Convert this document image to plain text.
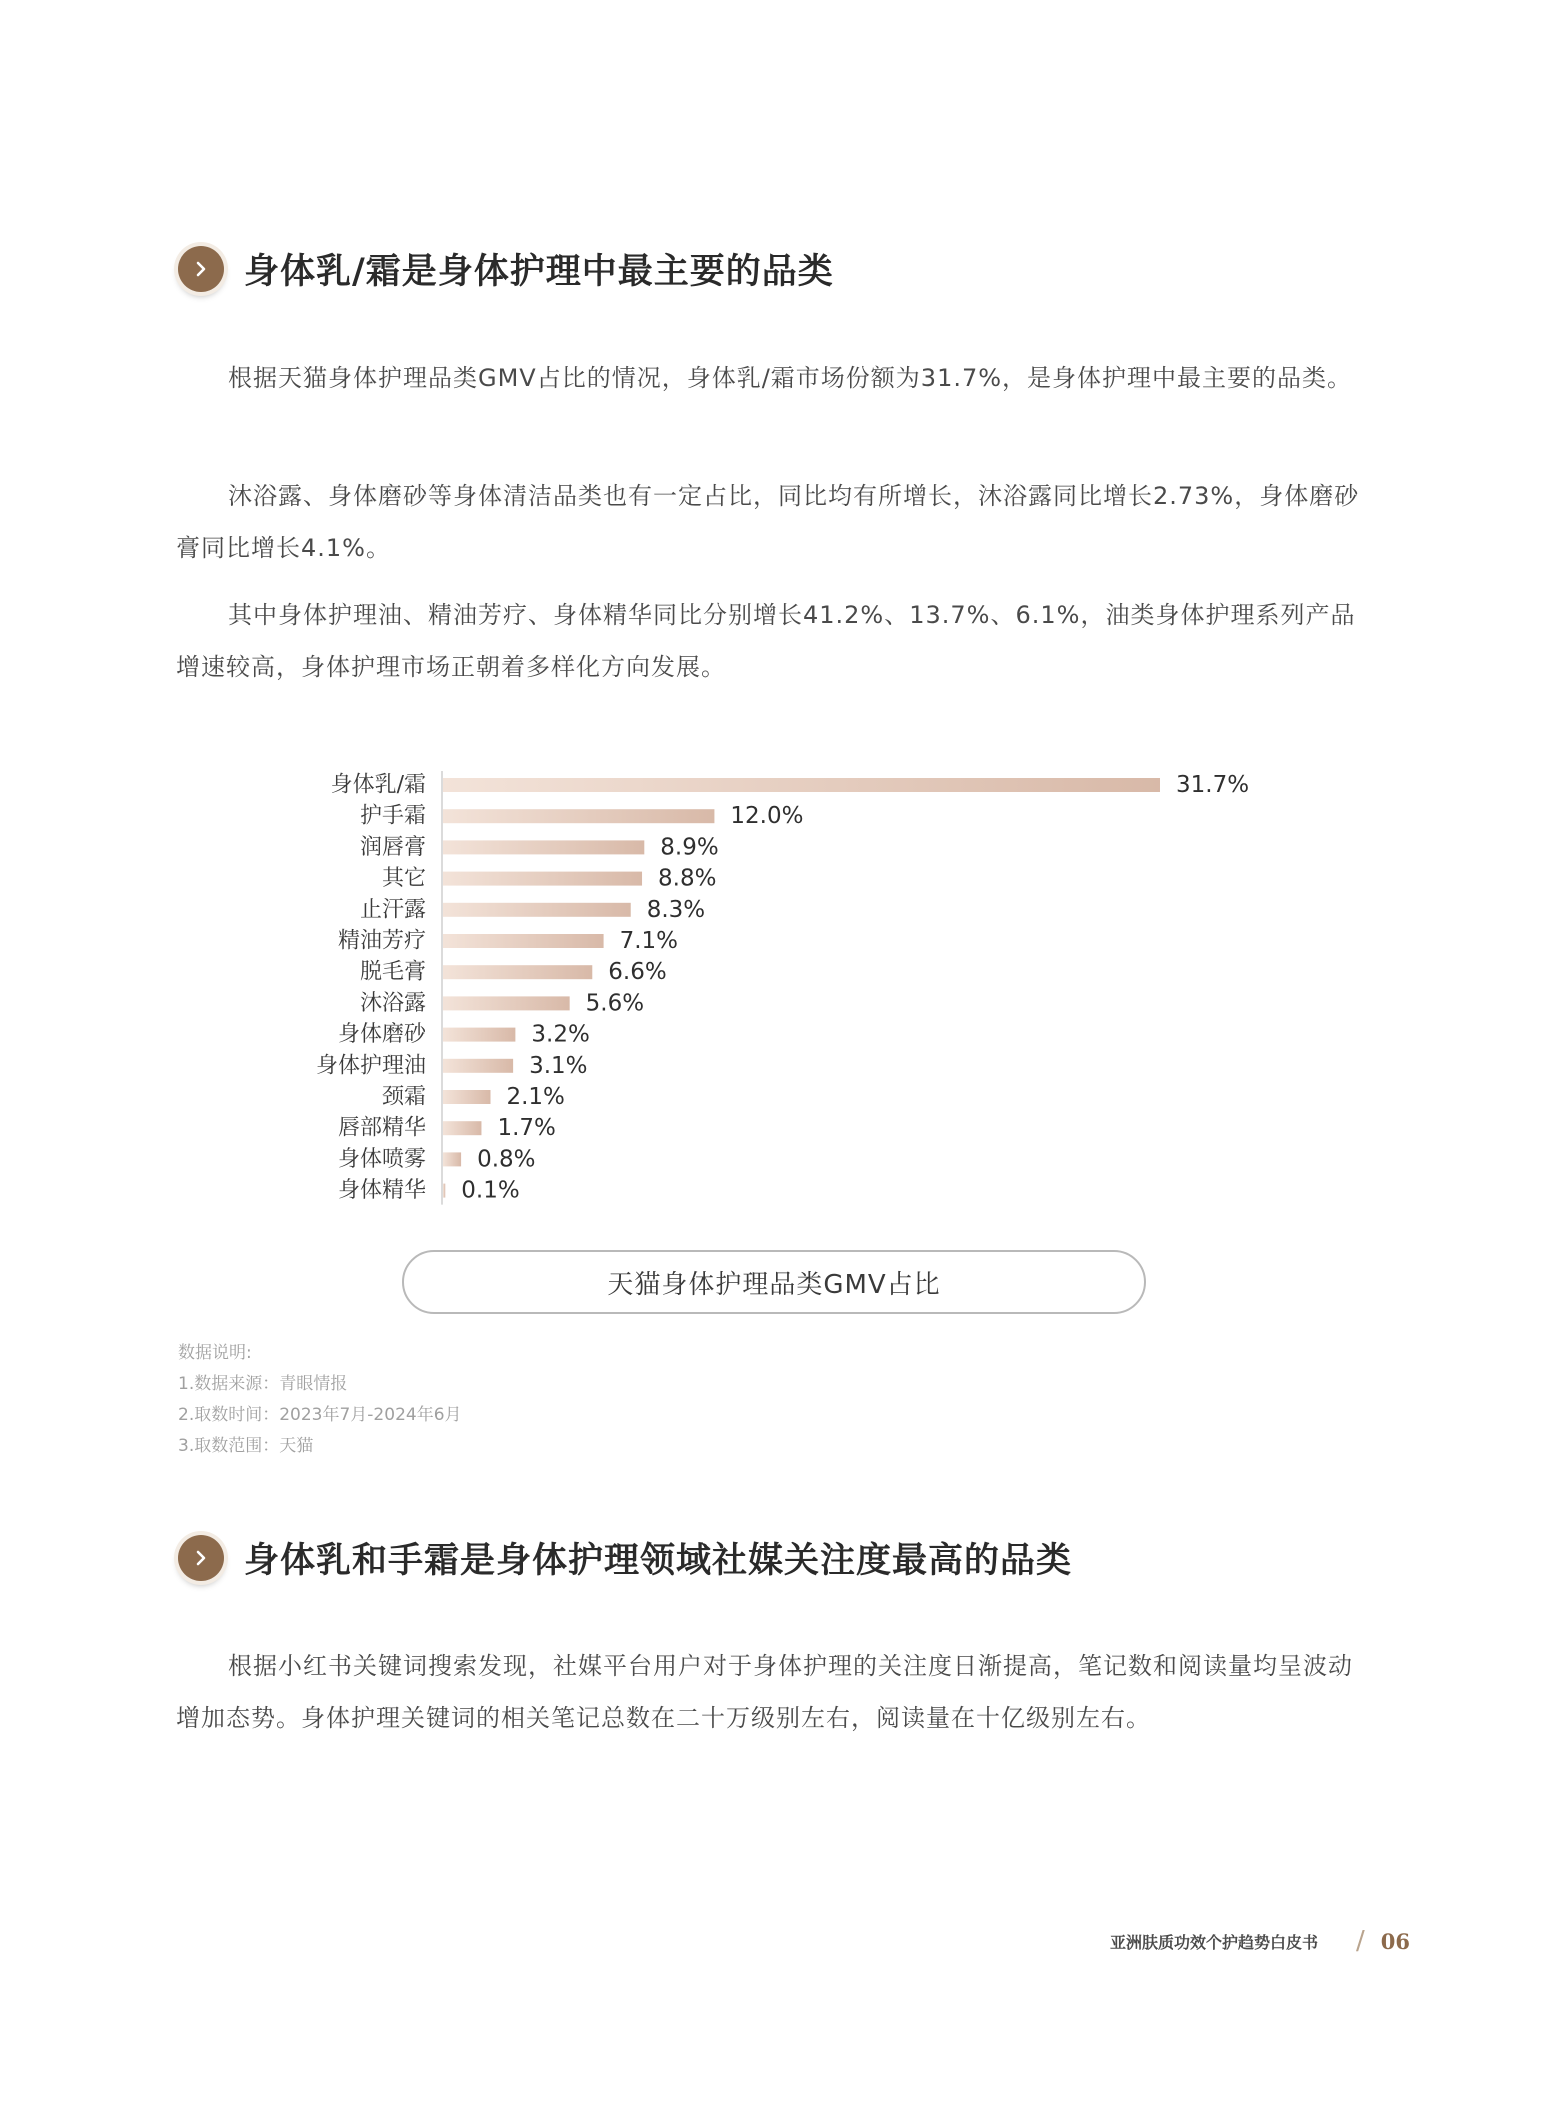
身体乳/霜是身体护理中最主要的品类

根据天猫身体护理品类GMV占比的情况，身体乳/霜市场份额为31.7%，是身体护理中最主要的品类。

沐浴露、身体磨砂等身体清洁品类也有一定占比，同比均有所增长，沐浴露同比增长2.73%，身体磨砂膏同比增长4.1%。

其中身体护理油、精油芳疗、身体精华同比分别增长41.2%、13.7%、6.1%，油类身体护理系列产品增速较高，身体护理市场正朝着多样化方向发展。

身体乳/霜	31.7%
护手霜	12.0%
润唇膏	8.9%
其它	8.8%
止汗露	8.3%
精油芳疗	7.1%
脱毛膏	6.6%
沐浴露	5.6%
身体磨砂	3.2%
身体护理油	3.1%
颈霜	2.1%
唇部精华	1.7%
身体喷雾 0.8%
身体精华 0.1%
天猫身体护理品类GMV占比
数据说明:
1.数据来源：青眼情报
2.取数时间：2023年7月-2024年6月
3.取数范围：天猫
身体乳和手霜是身体护理领域社媒关注度最高的品类

根据小红书关键词搜索发现，社媒平台用户对于身体护理的关注度日渐提高，笔记数和阅读量均呈波动增加态势。身体护理关键词的相关笔记总数在二十万级别左右，阅读量在十亿级别左右。

亚洲肤质功效个护趋势白皮书 / 06
